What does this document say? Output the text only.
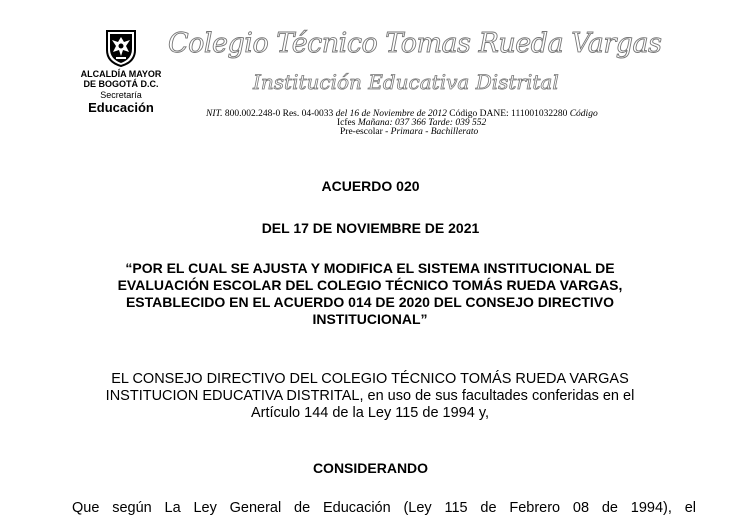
ALCALDÍA MAYOR
DE BOGOTÁ D.C.
Secretaría
Educación
Colegio Técnico Tomas Rueda Vargas
Institución Educativa Distrital
NIT. 800.002.248-0 Res. 04-0033 del 16 de Noviembre de 2012 Código DANE: 111001032280 Código
Icfes Mañana: 037 366 Tarde: 039 552
Pre-escolar - Primara - Bachillerato
ACUERDO 020
DEL 17 DE NOVIEMBRE DE 2021
“POR EL CUAL SE AJUSTA Y MODIFICA EL SISTEMA INSTITUCIONAL DE
EVALUACIÓN ESCOLAR DEL COLEGIO TÉCNICO TOMÁS RUEDA VARGAS,
ESTABLECIDO EN EL ACUERDO 014 DE 2020 DEL CONSEJO DIRECTIVO
INSTITUCIONAL”
EL CONSEJO DIRECTIVO DEL COLEGIO TÉCNICO TOMÁS RUEDA VARGAS
INSTITUCION EDUCATIVA DISTRITAL, en uso de sus facultades conferidas en el
Artículo 144 de la Ley 115 de 1994 y,
CONSIDERANDO
Que según La Ley General de Educación (Ley 115 de Febrero 08 de 1994), el
